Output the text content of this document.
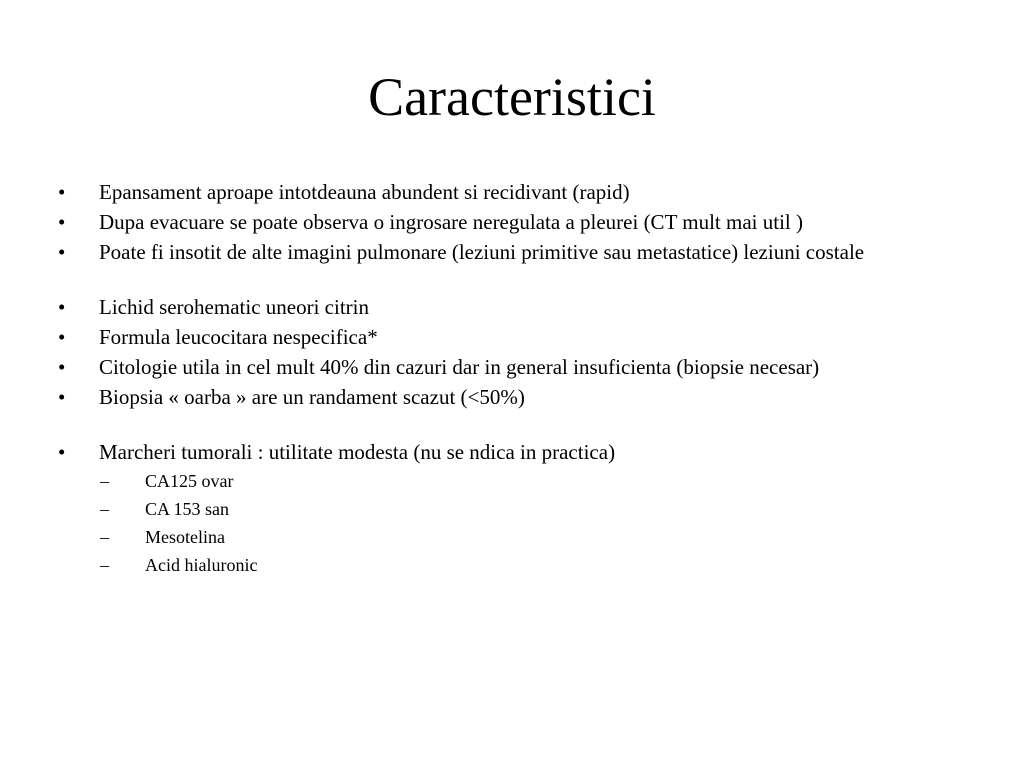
Caracteristici
• Epansament aproape intotdeauna abundent si recidivant (rapid)
• Dupa evacuare se poate observa o ingrosare neregulata a pleurei (CT mult mai util )
• Poate fi insotit de alte imagini pulmonare (leziuni primitive sau metastatice) leziuni costale
• Lichid serohematic uneori citrin
• Formula leucocitara nespecifica*
• Citologie utila in cel mult 40% din cazuri dar in general insuficienta (biopsie necesar)
• Biopsia « oarba » are un randament scazut (<50%)
• Marcheri tumorali : utilitate modesta (nu se ndica in practica)
– CA125 ovar
– CA 153 san
– Mesotelina
– Acid hialuronic
